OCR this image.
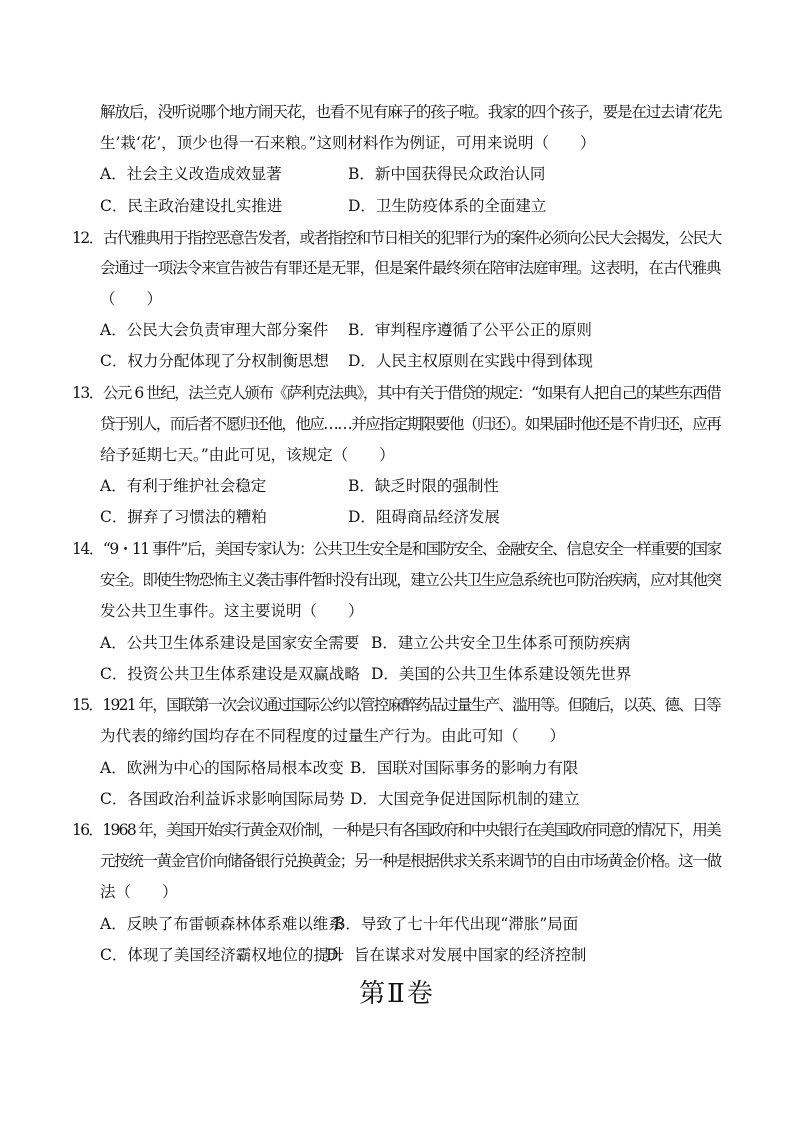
解放后，没听说哪个地方闹天花，也看不见有麻子的孩子啦。我家的四个孩子，要是在过去请‘花先
生’栽‘花’，顶少也得一石来粮。”这则材料作为例证，可用来说明（　　）
A．社会主义改造成效显著	B．新中国获得民众政治认同
C．民主政治建设扎实推进	D．卫生防疫体系的全面建立
12．古代雅典用于指控恶意告发者，或者指控和节日相关的犯罪行为的案件必须向公民大会揭发，公民大
会通过一项法令来宣告被告有罪还是无罪，但是案件最终须在陪审法庭审理。这表明，在古代雅典
（　　）
A．公民大会负责审理大部分案件 B．审判程序遵循了公平公正的原则
C．权力分配体现了分权制衡思想 D．人民主权原则在实践中得到体现
13．公元 6 世纪，法兰克人颁布《萨利克法典》，其中有关于借贷的规定：“如果有人把自己的某些东西借
贷于别人，而后者不愿归还他，他应……并应指定期限要他（归还）。如果届时他还是不肯归还，应再
给予延期七天。”由此可见，该规定（　　）
A．有利于维护社会稳定	B．缺乏时限的强制性
C．摒弃了习惯法的糟粕	D．阻碍商品经济发展
14．“9・11 事件”后，美国专家认为：公共卫生安全是和国防安全、金融安全、信息安全一样重要的国家
安全。即使生物恐怖主义袭击事件暂时没有出现，建立公共卫生应急系统也可防治疾病，应对其他突
发公共卫生事件。这主要说明（　　）
A．公共卫生体系建设是国家安全需要 B．建立公共安全卫生体系可预防疾病
C．投资公共卫生体系建设是双赢战略 D．美国的公共卫生体系建设领先世界
15．1921 年，国联第一次会议通过国际公约以管控麻醉药品过量生产、滥用等。但随后，以英、德、日等
为代表的缔约国均存在不同程度的过量生产行为。由此可知（　　）
A．欧洲为中心的国际格局根本改变 B．国联对国际事务的影响力有限
C．各国政治利益诉求影响国际局势 D．大国竞争促进国际机制的建立
16．1968 年，美国开始实行黄金双价制，一种是只有各国政府和中央银行在美国政府同意的情况下，用美
元按统一黄金官价向储备银行兑换黄金；另一种是根据供求关系来调节的自由市场黄金价格。这一做
法（　　）
A．反映了布雷顿森林体系难以维系
B．导致了七十年代出现“滞胀”局面
C．体现了美国经济霸权地位的提升
D．旨在谋求对发展中国家的经济控制
第Ⅱ卷
